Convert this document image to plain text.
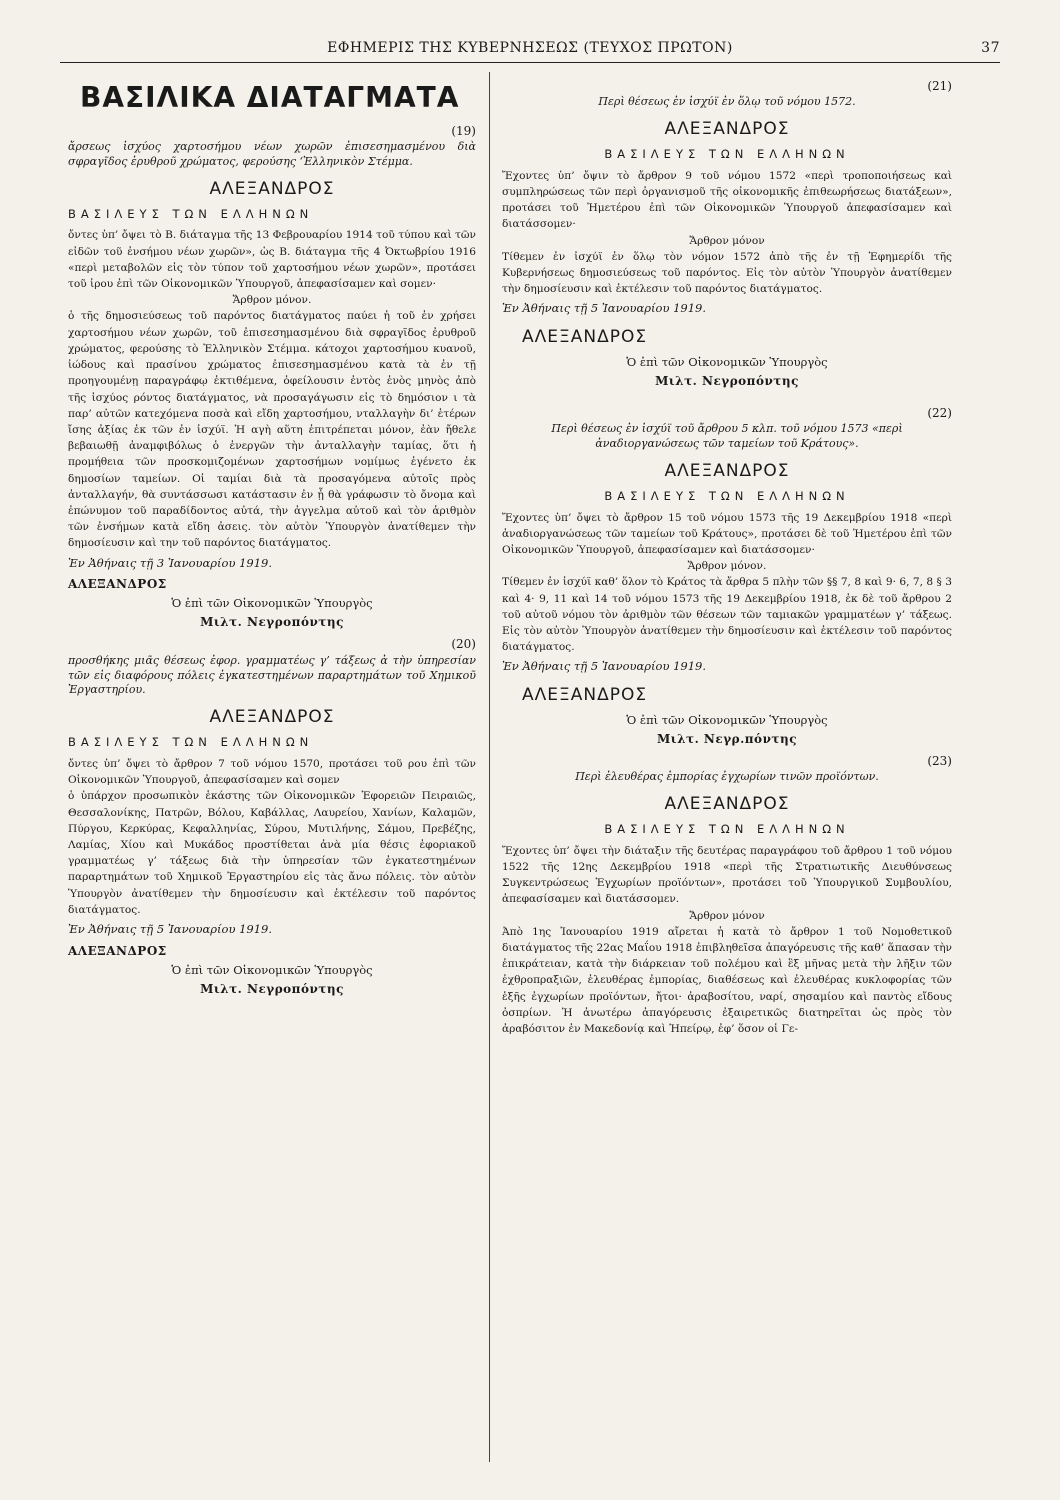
ΕΦΗΜΕΡΙΣ ΤΗΣ ΚΥΒΕΡΝΗΣΕΩΣ (ΤΕΥΧΟΣ ΠΡΩΤΟΝ)	37
ΒΑΣΙΛΙΚΑ ΔΙΑΤΑΓΜΑΤΑ
(19)
ἄρσεως ἰσχύος χαρτοσήμου νέων χωρῶν ἐπισεσημασμένου διὰ σφραγῖδος ἐρυθροῦ χρώματος, φερούσης ‘Ἑλληνικὸν Στέμμα.
ΑΛΕΞΑΝΔΡΟΣ
ΒΑΣΙΛΕΥΣ ΤΩΝ ΕΛΛΗΝΩΝ

ὄντες ὑπ’ ὄψει τὸ Β. διάταγμα τῆς 13 Φεβρουαρίου 1914 τοῦ τύπου καὶ τῶν εἰδῶν τοῦ ἐνσήμου νέων χωρῶν», ὡς Β. διάταγμα τῆς 4 Ὀκτωβρίου 1916 «περὶ μεταβολῶν εἰς τὸν τύπον τοῦ χαρτοσήμου νέων χωρῶν», προτάσει τοῦ ἰρου ἐπὶ τῶν Οἰκονομικῶν Ὑπουργοῦ, ἀπεφασίσαμεν καὶ σομεν·

Ἄρθρον μόνον.

ὁ τῆς δημοσιεύσεως τοῦ παρόντος διατάγματος παύει ἡ τοῦ ἐν χρήσει χαρτοσήμου νέων χωρῶν, τοῦ ἐπισεσημασμένου διὰ σφραγῖδος ἐρυθροῦ χρώματος, φερούσης τὸ Ἑλληνικὸν Στέμμα. κάτοχοι χαρτοσήμου κυανοῦ, ἰώδους καὶ πρασίνου χρώματος ἐπισεσημασμένου κατὰ τὰ ἐν τῇ προηγουμένῃ παραγράφῳ ἐκτιθέμενα, ὀφείλουσιν ἐντὸς ἑνὸς μηνὸς ἀπὸ τῆς ἰσχύος ρόντος διατάγματος, νὰ προσαγάγωσιν εἰς τὸ δημόσιον ι τὰ παρ’ αὐτῶν κατεχόμενα ποσὰ καὶ εἴδη χαρτοσήμου, νταλλαγὴν δι’ ἑτέρων ἴσης ἀξίας ἐκ τῶν ἐν ἰσχύϊ. Ἡ αγὴ αὕτη ἐπιτρέπεται μόνον, ἐὰν ἤθελε βεβαιωθῇ ἀναμφιβόλως ὁ ἐνεργῶν τὴν ἀνταλλαγὴν ταμίας, ὅτι ἡ προμήθεια τῶν προσκομιζομένων χαρτοσήμων νομίμως ἐγένετο ἐκ δημοσίων ταμείων. Οἱ ταμίαι διὰ τὰ προσαγόμενα αὐτοῖς πρὸς ἀνταλλαγήν, θὰ συντάσσωσι κατάστασιν ἐν ᾗ θὰ γράφωσιν τὸ ὄνομα καὶ ἐπώνυμον τοῦ παραδίδοντος αὐτά, τὴν ἀγγελμα αὐτοῦ καὶ τὸν ἀριθμὸν τῶν ἐνσήμων κατὰ εἴδη ἀσεις. τὸν αὐτὸν Ὑπουργὸν ἀνατίθεμεν τὴν δημοσίευσιν καὶ την τοῦ παρόντος διατάγματος.

Ἐν Ἀθήναις τῇ 3 Ἰανουαρίου 1919.
ΑΛΕΞΑΝΔΡΟΣ
Ὁ ἐπὶ τῶν Οἰκονομικῶν Ὑπουργὸς
Μιλτ. Νεγροπόντης
(20)
προσθήκης μιᾶς θέσεως ἐφορ. γραμματέως γ’ τάξεως ἀ τὴν ὑπηρεσίαν τῶν εἰς διαφόρους πόλεις ἐγκατεστημένων παραρτημάτων τοῦ Χημικοῦ Ἐργαστηρίου.
ΑΛΕΞΑΝΔΡΟΣ
ΒΑΣΙΛΕΥΣ ΤΩΝ ΕΛΛΗΝΩΝ

ὄντες ὑπ’ ὄψει τὸ ἄρθρον 7 τοῦ νόμου 1570, προτάσει τοῦ ρου ἐπὶ τῶν Οἰκονομικῶν Ὑπουργοῦ, ἀπεφασίσαμεν καὶ σομεν

ὁ ὑπάρχον προσωπικὸν ἑκάστης τῶν Οἰκονομικῶν Ἐφορειῶν Πειραιῶς, Θεσσαλονίκης, Πατρῶν, Βόλου, Καβάλλας, Λαυρείου, Χανίων, Καλαμῶν, Πύργου, Κερκύρας, Κεφαλληνίας, Σύρου, Μυτιλήνης, Σάμου, Πρεβέζης, Λαμίας, Χίου καὶ Μυκάδος προστίθεται ἀνὰ μία θέσις ἐφοριακοῦ γραμματέως γ’ τάξεως διὰ τὴν ὑπηρεσίαν τῶν ἐγκατεστημένων παραρτημάτων τοῦ Χημικοῦ Ἐργαστηρίου εἰς τὰς ἄνω πόλεις. τὸν αὐτὸν Ὑπουργὸν ἀνατίθεμεν τὴν δημοσίευσιν καὶ ἐκτέλεσιν τοῦ παρόντος διατάγματος.

Ἐν Ἀθήναις τῇ 5 Ἰανουαρίου 1919.
ΑΛΕΞΑΝΔΡΟΣ
Ὁ ἐπὶ τῶν Οἰκονομικῶν Ὑπουργὸς
Μιλτ. Νεγροπόντης
(21)
Περὶ θέσεως ἐν ἰσχύϊ ἐν ὅλῳ τοῦ νόμου 1572.
ΑΛΕΞΑΝΔΡΟΣ
ΒΑΣΙΛΕΥΣ ΤΩΝ ΕΛΛΗΝΩΝ

Ἔχοντες ὑπ’ ὄψιν τὸ ἄρθρον 9 τοῦ νόμου 1572 «περὶ τροποποιήσεως καὶ συμπληρώσεως τῶν περὶ ὀργανισμοῦ τῆς οἰκονομικῆς ἐπιθεωρήσεως διατάξεων», προτάσει τοῦ Ἡμετέρου ἐπὶ τῶν Οἰκονομικῶν Ὑπουργοῦ ἀπεφασίσαμεν καὶ διατάσσομεν·

Ἄρθρον μόνον

Τίθεμεν ἐν ἰσχύϊ ἐν ὅλῳ τὸν νόμον 1572 ἀπὸ τῆς ἐν τῇ Ἐφημερίδι τῆς Κυβερνήσεως δημοσιεύσεως τοῦ παρόντος. Εἰς τὸν αὐτὸν Ὑπουργὸν ἀνατίθεμεν τὴν δημοσίευσιν καὶ ἐκτέλεσιν τοῦ παρόντος διατάγματος.

Ἐν Ἀθήναις τῇ 5 Ἰανουαρίου 1919.
ΑΛΕΞΑΝΔΡΟΣ
Ὁ ἐπὶ τῶν Οἰκονομικῶν Ὑπουργὸς
Μιλτ. Νεγροπόντης
(22)
Περὶ θέσεως ἐν ἰσχύϊ τοῦ ἄρθρου 5 κλπ. τοῦ νόμου 1573 «περὶ ἀναδιοργανώσεως τῶν ταμείων τοῦ Κράτους».
ΑΛΕΞΑΝΔΡΟΣ
ΒΑΣΙΛΕΥΣ ΤΩΝ ΕΛΛΗΝΩΝ

Ἔχοντες ὑπ’ ὄψει τὸ ἄρθρον 15 τοῦ νόμου 1573 τῆς 19 Δεκεμβρίου 1918 «περὶ ἀναδιοργανώσεως τῶν ταμείων τοῦ Κράτους», προτάσει δὲ τοῦ Ἡμετέρου ἐπὶ τῶν Οἰκονομικῶν Ὑπουργοῦ, ἀπεφασίσαμεν καὶ διατάσσομεν·

Ἄρθρον μόνον.

Τίθεμεν ἐν ἰσχύϊ καθ’ ὅλον τὸ Κράτος τὰ ἄρθρα 5 πλὴν τῶν §§ 7, 8 καὶ 9· 6, 7, 8 § 3 καὶ 4· 9, 11 καὶ 14 τοῦ νόμου 1573 τῆς 19 Δεκεμβρίου 1918, ἐκ δὲ τοῦ ἄρθρου 2 τοῦ αὐτοῦ νόμου τὸν ἀριθμὸν τῶν θέσεων τῶν ταμιακῶν γραμματέων γ’ τάξεως. Εἰς τὸν αὐτὸν Ὑπουργὸν ἀνατίθεμεν τὴν δημοσίευσιν καὶ ἐκτέλεσιν τοῦ παρόντος διατάγματος.

Ἐν Ἀθήναις τῇ 5 Ἰανουαρίου 1919.
ΑΛΕΞΑΝΔΡΟΣ
Ὁ ἐπὶ τῶν Οἰκονομικῶν Ὑπουργὸς
Μιλτ. Νεγρ.πόντης
(23)
Περὶ ἐλευθέρας ἐμπορίας ἐγχωρίων τινῶν προϊόντων.
ΑΛΕΞΑΝΔΡΟΣ
ΒΑΣΙΛΕΥΣ ΤΩΝ ΕΛΛΗΝΩΝ

Ἔχοντες ὑπ’ ὄψει τὴν διάταξιν τῆς δευτέρας παραγράφου τοῦ ἄρθρου 1 τοῦ νόμου 1522 τῆς 12ης Δεκεμβρίου 1918 «περὶ τῆς Στρατιωτικῆς Διευθύνσεως Συγκεντρώσεως Ἐγχωρίων προϊόντων», προτάσει τοῦ Ὑπουργικοῦ Συμβουλίου, ἀπεφασίσαμεν καὶ διατάσσομεν.

Ἄρθρον μόνον

Ἀπὸ 1ης Ἰανουαρίου 1919 αἴρεται ἡ κατὰ τὸ ἄρθρον 1 τοῦ Νομοθετικοῦ διατάγματος τῆς 22ας Μαΐου 1918 ἐπιβληθεῖσα ἀπαγόρευσις τῆς καθ’ ἅπασαν τὴν ἐπικράτειαν, κατὰ τὴν διάρκειαν τοῦ πολέμου καὶ ἓξ μῆνας μετὰ τὴν λῆξιν τῶν ἐχθροπραξιῶν, ἐλευθέρας ἐμπορίας, διαθέσεως καὶ ἐλευθέρας κυκλοφορίας τῶν ἑξῆς ἐγχωρίων προϊόντων, ἤτοι· ἀραβοσίτου, ναρί, σησαμίου καὶ παντὸς εἴδους ὀσπρίων. Ἡ ἀνωτέρω ἀπαγόρευσις ἐξαιρετικῶς διατηρεῖται ὡς πρὸς τὸν ἀραβόσιτον ἐν Μακεδονίᾳ καὶ Ἠπείρῳ, ἐφ’ ὅσον οἱ Γε-
